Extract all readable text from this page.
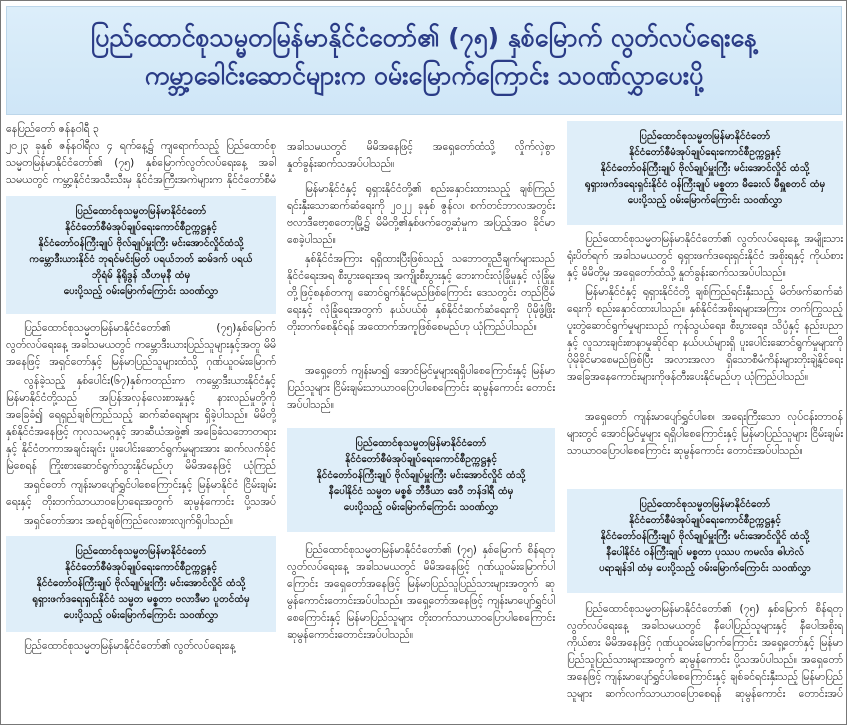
ပြည်ထောင်စုသမ္မတမြန်မာနိုင်ငံတော်၏ (၇၅) နှစ်မြောက် လွတ်လပ်ရေးနေ့
ကမ္ဘာ့ခေါင်းဆောင်များက ဝမ်းမြောက်ကြောင်း သဝဏ်လွှာပေးပို့

နေပြည်တော် ဇန်နဝါရီ ၃

၂၀၂၃ ခုနှစ် ဇန်နဝါရီလ ၄ ရက်နေ့၌ ကျရောက်သည့် ပြည်ထောင်စုသမ္မတမြန်မာနိုင်ငံတော်၏ (၇၅) နှစ်မြောက်လွတ်လပ်ရေးနေ့ အခါသမယတွင် ကမ္ဘာ့နိုင်ငံအသီးသီးမှ နိုင်ငံအကြီးအကဲများက နိုင်ငံတော်စီမံ

ပြည်ထောင်စုသမ္မတမြန်မာနိုင်ငံတော်
နိုင်ငံတော်စီမံအုပ်ချုပ်ရေးကောင်စီဥက္ကဋ္ဌနှင့်
နိုင်ငံတော်ဝန်ကြီးချုပ် ဗိုလ်ချုပ်မှူးကြီး မင်းအောင်လှိုင်ထံသို့
ကမ္ဘောဒီးယားနိုင်ငံ ဘုရင်မင်းမြတ် ပရယ်ဘတ် ဆမ်ဒက် ပရယ်
ဘိုရံမ် နိုရိုဒွန် သီဟမုနီ ထံမှ
ပေးပို့သည့် ဝမ်းမြောက်ကြောင်း သဝဏ်လွှာ

ပြည်ထောင်စုသမ္မတမြန်မာနိုင်ငံတော်၏ (၇၅)နှစ်မြောက် လွတ်လပ်ရေးနေ့ အခါသမယတွင် ကမ္ဘောဒီးယားပြည်သူများနှင့်အတူ မိမိအနေဖြင့် အရှင်တော်နှင့် မြန်မာပြည်သူများထံသို့ ဂုဏ်ယူဝမ်းမြောက်

လွန်ခဲ့သည့် နှစ်ပေါင်း(၆၇)နှစ်ကတည်းက ကမ္ဘောဒီးယားနိုင်ငံနှင့် မြန်မာနိုင်ငံတို့သည် အပြန်အလှန်လေးစားမှုနှင့် နားလည်မှုတို့ကို အခြေခံ၍ ရေရှည်ချစ်ကြည်သည့် ဆက်ဆံရေးများ ရှိခဲ့ပါသည်။ မိမိတို့နှစ်နိုင်ငံအနေဖြင့် ကုလသမဂ္ဂနှင့် အာဆီယံအဖွဲ့၏ အခြေခံသဘောတရားနှင့် နိုင်ငံတကာအချင်းချင်း ပူးပေါင်းဆောင်ရွက်မှုများအား ဆက်လက်ခိုင်မြဲစေရန် ကြိုးစားဆောင်ရွက်သွားနိုင်မည်ဟု မိမိအနေဖြင့် ယုံကြည်

အရှင်တော် ကျန်းမာပျော်ရွှင်ပါစေကြောင်းနှင့် မြန်မာနိုင်ငံ ငြိမ်းချမ်းရေးနှင့် တိုးတက်သာယာဝပြောရေးအတွက် ဆုမွန်ကောင်း ပို့သအပ်

အရှင်တော်အား အစဉ်ချစ်ကြည်လေးစားလျက်ရှိပါသည်။

ပြည်ထောင်စုသမ္မတမြန်မာနိုင်ငံတော်
နိုင်ငံတော်စီမံအုပ်ချုပ်ရေးကောင်စီဥက္ကဋ္ဌနှင့်
နိုင်ငံတော်ဝန်ကြီးချုပ် ဗိုလ်ချုပ်မှူးကြီး မင်းအောင်လှိုင် ထံသို့
ရုရှားဖက်ဒရေးရှင်းနိုင်ငံ သမ္မတ မစ္စတာ ဗလာဒီမာ ပူတင်ထံမှ
ပေးပို့သည့် ဝမ်းမြောက်ကြောင်း သဝဏ်လွှာ

ပြည်ထောင်စုသမ္မတမြန်မာနိုင်ငံတော်၏ လွတ်လပ်ရေးနေ့

အခါသမယတွင် မိမိအနေဖြင့် အရှေတော်ထံသို့ လှိုက်လှဲစွာ နှုတ်ခွန်းဆက်သအပ်ပါသည်။

မြန်မာနိုင်ငံနှင့် ရုရှားနိုင်ငံတို့၏ စည်းနှောင်းထားသည့် ချစ်ကြည်ရင်းနှီးသောဆက်ဆံရေးကို ၂၀၂၂ ခုနှစ် ဇွန်လ၊ စက်တင်ဘာလအတွင်း ဗလာဒီဗော့စတော့မြို့၌ မိမိတို့၏နှစ်ဖက်တွေ့ဆုံမှုက အပြည့်အဝ ခိုင်မာစေခဲ့ပါသည်။

နှစ်နိုင်ငံအကြား ရရှိထားပြီးဖြစ်သည့် သဘောတူညီချက်များသည် နိုင်ငံရေးအရ စီးပွားရေးအရ အကျိုးစီးပွားနှင့် ဘေးကင်းလုံခြုံမှုနှင့် လုံခြုံမှုတို့ဖြင့်စနစ်တကျ ဆောင်ရွက်နိုင်မည်ဖြစ်ကြောင်း ဒေသတွင်း တည်ငြိမ်ရေးနှင့် လုံခြုံရေးအတွက် နယ်ပယ်စုံ နှစ်နိုင်ငံဆက်ဆံရေးကို ပိုမိုဖွံ့ဖြိုးတိုးတက်စေနိုင်ရန် အထောက်အကူဖြစ်စေမည်ဟု ယုံကြည်ပါသည်။

အရှေ့တော် ကျန်းမာ၍ အောင်မြင်မှုများရရှိပါစေကြောင်းနှင့် မြန်မာပြည်သူများ ငြိမ်းချမ်းသာယာဝပြောပါစေကြောင်း ဆုမွန်ကောင်း တောင်းအပ်ပါသည်။

ပြည်ထောင်စုသမ္မတမြန်မာနိုင်ငံတော်
နိုင်ငံတော်စီမံအုပ်ချုပ်ရေးကောင်စီဥက္ကဋ္ဌနှင့်
နိုင်ငံတော်ဝန်ကြီးချုပ် ဗိုလ်ချုပ်မှူးကြီး မင်းအောင်လှိုင် ထံသို့
နီပေါနိုင်ငံ သမ္မတ မစ္စစ် ဘီဒီယာ ဒေဝီ ဘန်ဒါရီ ထံမှ
ပေးပို့သည့် ဝမ်းမြောက်ကြောင်း သဝဏ်လွှာ

ပြည်ထောင်စုသမ္မတမြန်မာနိုင်ငံတော်၏ (၇၅) နှစ်မြောက် စိန်ရတုလွတ်လပ်ရေးနေ့ အခါသမယတွင် မိမိအနေဖြင့် ဂုဏ်ယူဝမ်းမြောက်ပါကြောင်း အရှေတော်အနေဖြင့် မြန်မာပြည်သူပြည်သားများအတွက် ဆုမွန်ကောင်းတောင်းအပ်ပါသည်။ အရှေ့တော်အနေဖြင့် ကျန်းမာပျော်ရွှင်ပါစေကြောင်းနှင့် မြန်မာပြည်သူများ တိုးတက်သာယာဝပြောပါစေကြောင်း ဆုမွန်ကောင်းတောင်းအပ်ပါသည်။

ပြည်ထောင်စုသမ္မတမြန်မာနိုင်ငံတော်
နိုင်ငံတော်စီမံအုပ်ချုပ်ရေးကောင်စီဥက္ကဋ္ဌနှင့်
နိုင်ငံတော်ဝန်ကြီးချုပ် ဗိုလ်ချုပ်မှူးကြီး မင်းအောင်လှိုင် ထံသို့
ရုရှားဖက်ဒရေးရှင်းနိုင်ငံ ဝန်ကြီးချုပ် မစ္စတာ မီခေးလ် မီရှူစတင် ထံမှ
ပေးပို့သည့် ဝမ်းမြောက်ကြောင်း သဝဏ်လွှာ

ပြည်ထောင်စုသမ္မတမြန်မာနိုင်ငံတော်၏ လွတ်လပ်ရေးနေ့ အမျိုးသားရုံးပိတ်ရက် အခါသမယတွင် ရုရှားဖက်ဒရေးရှင်းနိုင်ငံ အစိုးရနှင့် ကိုယ်စားနှင့် မိမိတို့မှ အရှေတော်ထံသို့ နှုတ်ခွန်းဆက်သအပ်ပါသည်။

မြန်မာနိုင်ငံနှင့် ရုရှားနိုင်ငံတို့ ချစ်ကြည်ရင်းနှီးသည့် မိတ်ဖက်ဆက်ဆံရေးကို စည်းနှောင်ထားပါသည်။ နှစ်နိုင်ငံအစိုးရများအကြား တက်ကြွသည့် ပူးတွဲဆောင်ရွက်မှုများသည် ကုန်သွယ်ရေး၊ စီးပွားရေး၊ သိပ္ပံနှင့် နည်းပညာနှင့် လူသားချင်းစာနာမှုဆိုင်ရာ နယ်ပယ်များရှိ ပူးပေါင်းဆောင်ရွက်မှုများကို ပိုမိုခိုင်မာစေမည်ဖြစ်ပြီး အလားအလာ ရှိသောစီမံကိန်းများတိုးချဲ့နိုင်ရေး အခြေအနေကောင်းများကိုဖန်တီးပေးနိုင်မည်ဟု ယုံကြည်ပါသည်။

အရှေတော် ကျန်းမာပျော်ရွှင်ပါစေ၊ အရေးကြီးသော လုပ်ငန်းတာဝန်များတွင် အောင်မြင်မှုများ ရရှိပါစေကြောင်းနှင့် မြန်မာပြည်သူများ ငြိမ်းချမ်းသာယာဝပြောပါစေကြောင်း ဆုမွန်ကောင်း တောင်းအပ်ပါသည်။

ပြည်ထောင်စုသမ္မတမြန်မာနိုင်ငံတော်
နိုင်ငံတော်စီမံအုပ်ချုပ်ရေးကောင်စီဥက္ကဋ္ဌနှင့်
နိုင်ငံတော်ဝန်ကြီးချုပ် ဗိုလ်ချုပ်မှူးကြီး မင်းအောင်လှိုင် ထံသို့
နီပေါနိုင်ငံ ဝန်ကြီးချုပ် မစ္စတာ ပုဿပ ကမလ်ဒ ဓါဟဲလ်
ပရာချန်ဒါ ထံမှ ပေးပို့သည့် ဝမ်းမြောက်ကြောင်း သဝဏ်လွှာ

ပြည်ထောင်စုသမ္မတမြန်မာနိုင်ငံတော်၏ (၇၅) နှစ်မြောက် စိန်ရတုလွတ်လပ်ရေးနေ့ အခါသမယတွင် နီပေါပြည်သူများနှင့် နီပေါအစိုးရကိုယ်စား မိမိအနေဖြင့် ဂုဏ်ယူဝမ်းမြောက်ကြောင်း အရှေ့တော်နှင့် မြန်မာပြည်သူပြည်သားများအတွက် ဆုမွန်ကောင်း ပို့သအပ်ပါသည်။ အရှေတော်အနေဖြင့် ကျန်းမာပျော်ရွှင်ပါစေကြောင်းနှင့် ချစ်ခင်ရင်းနှီးသည့် မြန်မာပြည်သူများ ဆက်လက်သာယာဝပြောစေရန် ဆုမွန်ကောင်း တောင်းအပ်
